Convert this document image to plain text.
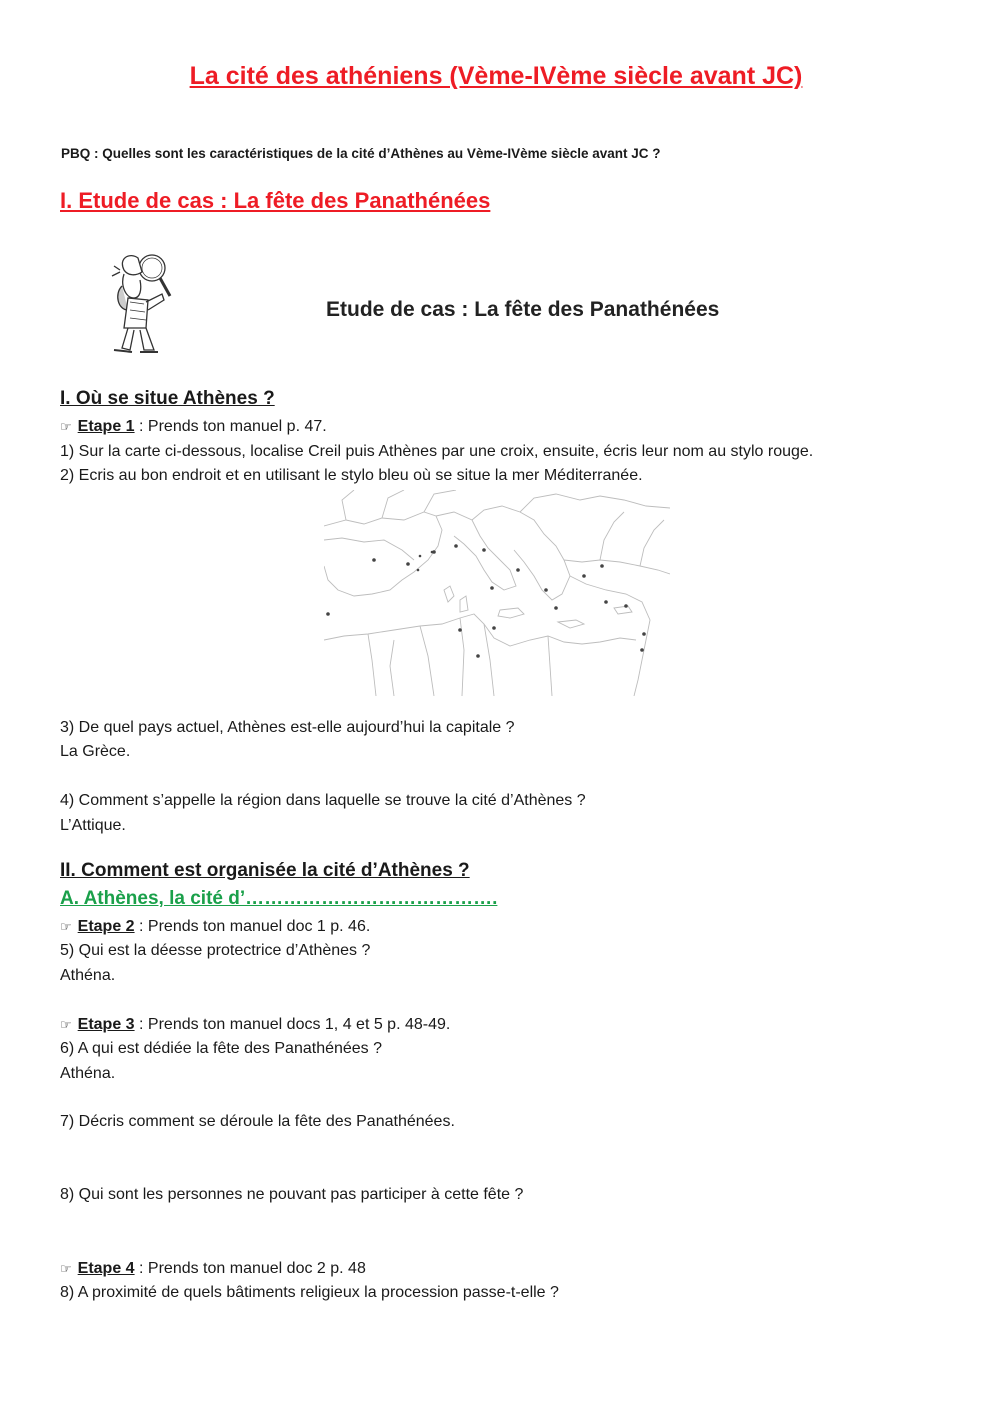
La cité des athéniens (Vème-IVème siècle avant JC)
PBQ : Quelles sont les caractéristiques de la cité d’Athènes au Vème-IVème siècle avant JC ?
I. Etude de cas : La fête des Panathénées
Etude de cas : La fête des Panathénées
I. Où se situe Athènes ?
☞ Etape 1 : Prends ton manuel p. 47.
1) Sur la carte ci-dessous, localise Creil puis Athènes par une croix, ensuite, écris leur nom au stylo rouge.
2) Ecris au bon endroit et en utilisant le stylo bleu où se situe la mer Méditerranée.
3) De quel pays actuel, Athènes est-elle aujourd’hui la capitale ?
La Grèce.
4) Comment s’appelle la région dans laquelle se trouve la cité d’Athènes ?
L’Attique.
II. Comment est organisée la cité d’Athènes ?
A. Athènes, la cité d’………………………………….
☞ Etape 2 : Prends ton manuel doc 1 p. 46.
5) Qui est la déesse protectrice d’Athènes ?
Athéna.
☞ Etape 3 : Prends ton manuel docs 1, 4 et 5 p. 48-49.
6) A qui est dédiée la fête des Panathénées ?
Athéna.
7) Décris comment se déroule la fête des Panathénées.
8) Qui sont les personnes ne pouvant pas participer à cette fête ?
☞ Etape 4 : Prends ton manuel doc 2 p. 48
8) A proximité de quels bâtiments religieux la procession passe-t-elle ?
